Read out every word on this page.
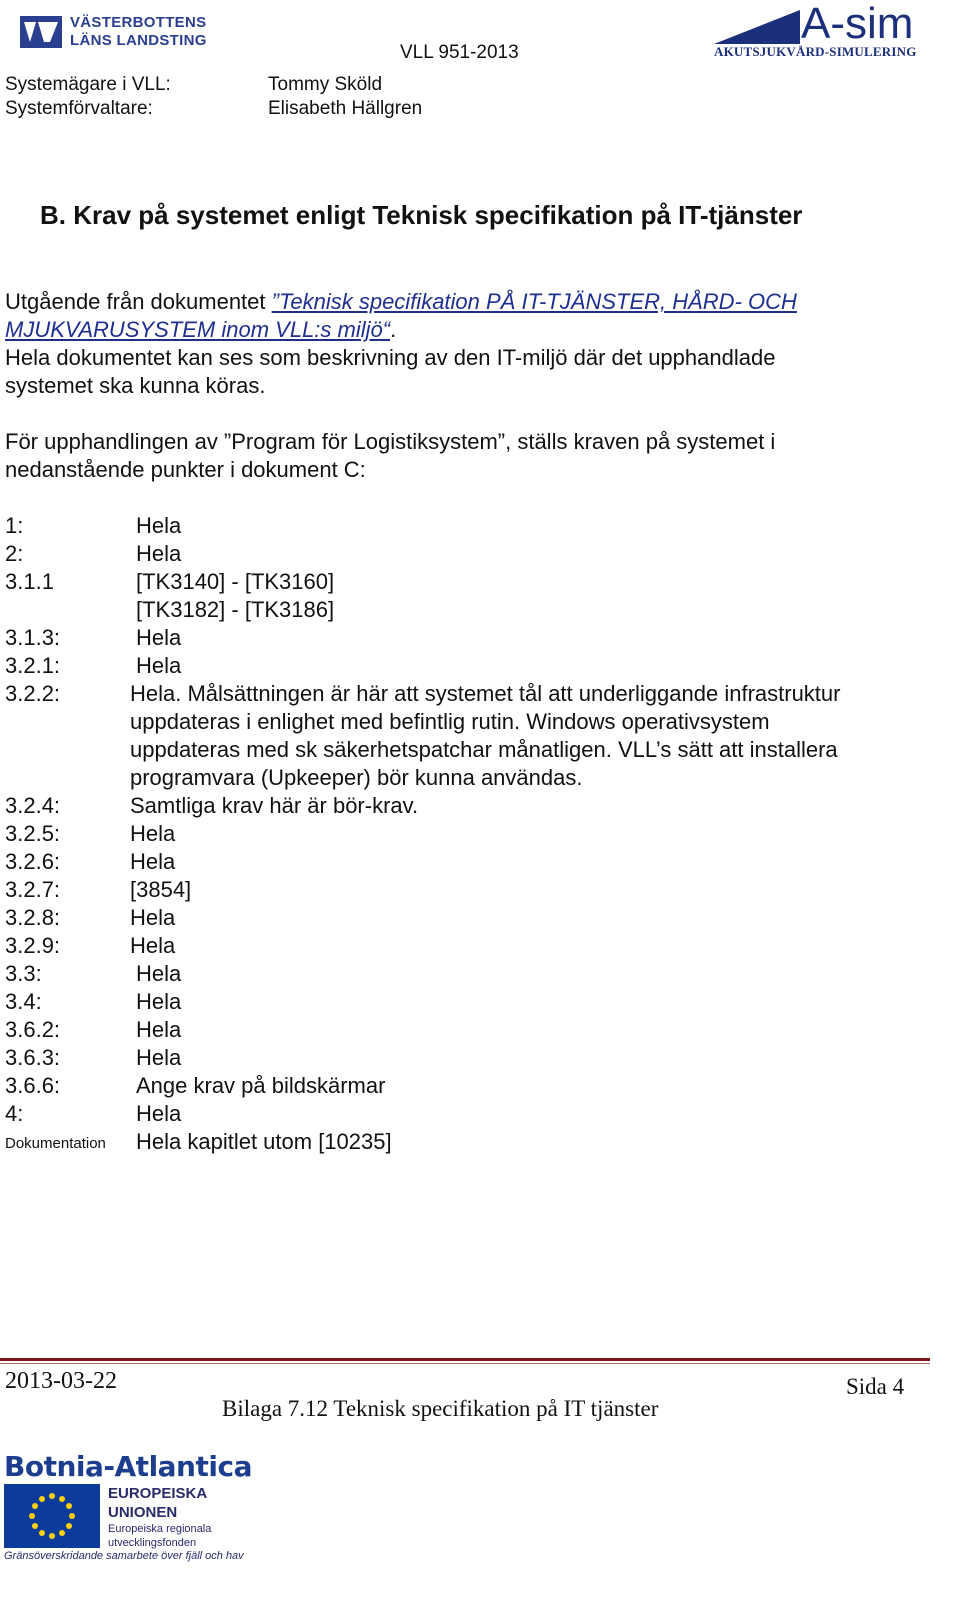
VÄSTERBOTTENS
LÄNS LANDSTING
VLL 951-2013
A-sim
AKUTSJUKVÅRD-SIMULERING
Systemägare i VLL:	Tommy Sköld
Systemförvaltare:	Elisabeth Hällgren
B. Krav på systemet enligt Teknisk specifikation på IT-tjänster
Utgående från dokumentet ”Teknisk specifikation PÅ IT-TJÄNSTER, HÅRD- OCH
MJUKVARUSYSTEM inom VLL:s miljö“.
Hela dokumentet kan ses som beskrivning av den IT-miljö där det upphandlade
systemet ska kunna köras.
För upphandlingen av ”Program för Logistiksystem”, ställs kraven på systemet i
nedanstående punkter i dokument C:
1:	Hela
2:	Hela
3.1.1	[TK3140] - [TK3160]
[TK3182] - [TK3186]
3.1.3:	Hela
3.2.1:	Hela
3.2.2:	Hela. Målsättningen är här att systemet tål att underliggande infrastruktur
uppdateras i enlighet med befintlig rutin. Windows operativsystem
uppdateras med sk säkerhetspatchar månatligen. VLL’s sätt att installera
programvara (Upkeeper) bör kunna användas.
3.2.4:	Samtliga krav här är bör-krav.
3.2.5:	Hela
3.2.6:	Hela
3.2.7:	[3854]
3.2.8:	Hela
3.2.9:	Hela
3.3:	Hela
3.4:	Hela
3.6.2:	Hela
3.6.3:	Hela
3.6.6:	Ange krav på bildskärmar
4:	Hela
Dokumentation Hela kapitlet utom [10235]
2013-03-22	Sida 4
Bilaga 7.12 Teknisk specifikation på IT tjänster
Botnia-Atlantica
EUROPEISKA
UNIONEN
Europeiska regionala
utvecklingsfonden
Gränsöverskridande samarbete över fjäll och hav
